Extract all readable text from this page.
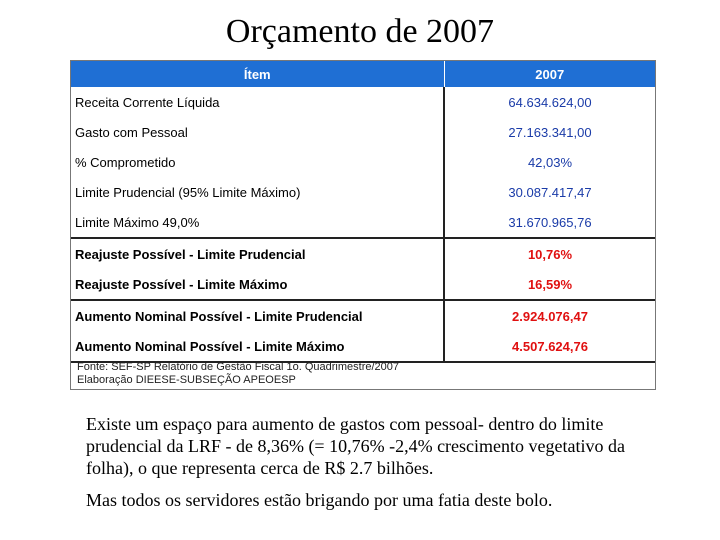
Orçamento de 2007
Ítem	2007
Receita Corrente Líquida	64.634.624,00
Gasto com Pessoal	27.163.341,00
% Comprometido	42,03%
Limite Prudencial (95% Limite Máximo)	30.087.417,47
Limite Máximo 49,0%	31.670.965,76
Reajuste Possível - Limite Prudencial	10,76%
Reajuste Possível - Limite Máximo	16,59%
Aumento Nominal Possível - Limite Prudencial	2.924.076,47
Aumento Nominal Possível - Limite Máximo	4.507.624,76
Fonte: SEF-SP Relatório de Gestão Fiscal 1o. Quadrimestre/2007
Elaboração DIEESE-SUBSEÇÃO APEOESP

Existe um espaço para aumento de gastos com pessoal- dentro do limite prudencial da LRF - de 8,36% (= 10,76% -2,4% crescimento vegetativo da folha), o que representa cerca de R$ 2.7 bilhões.

Mas todos os servidores estão brigando por uma fatia deste bolo.
